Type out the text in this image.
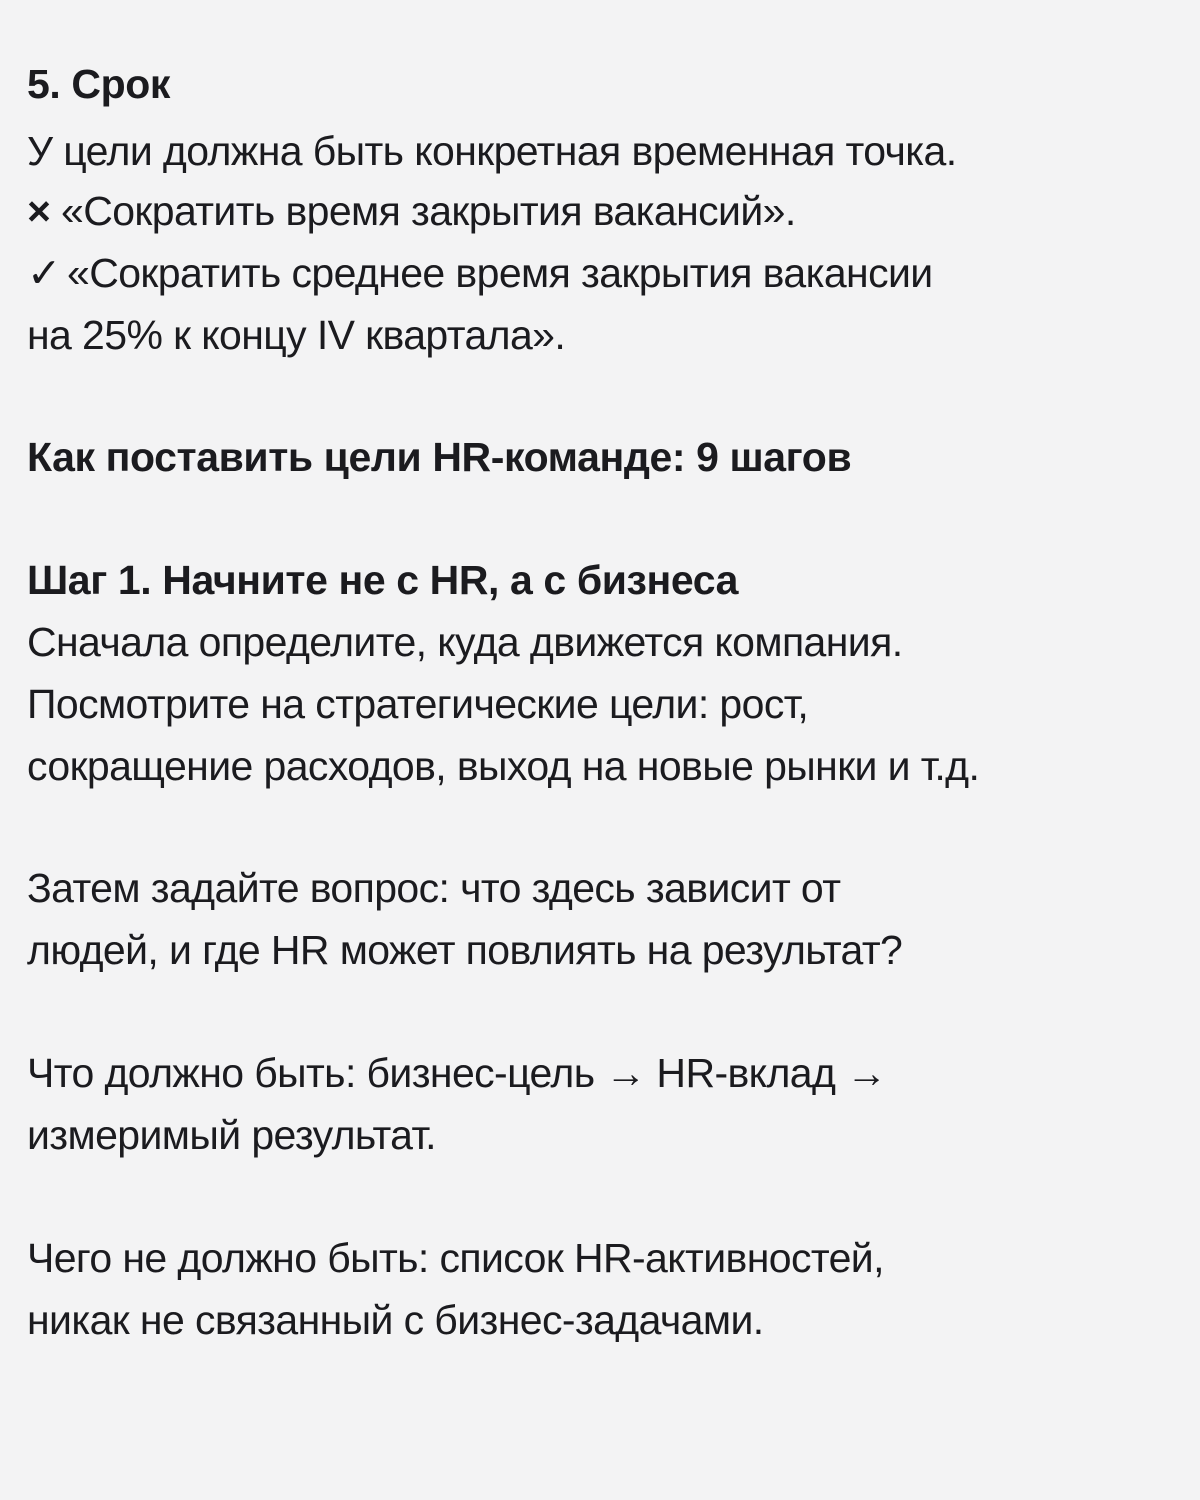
5. Срок
У цели должна быть конкретная временная точка.
× «Сократить время закрытия вакансий».
✓ «Сократить среднее время закрытия вакансии
на 25% к концу IV квартала».
Как поставить цели HR-команде: 9 шагов
Шаг 1. Начните не с HR, а с бизнеса
Сначала определите, куда движется компания.
Посмотрите на стратегические цели: рост,
сокращение расходов, выход на новые рынки и т.д.
Затем задайте вопрос: что здесь зависит от
людей, и где HR может повлиять на результат?
Что должно быть: бизнес-цель → HR-вклад →
измеримый результат.
Чего не должно быть: список HR-активностей,
никак не связанный с бизнес-задачами.
